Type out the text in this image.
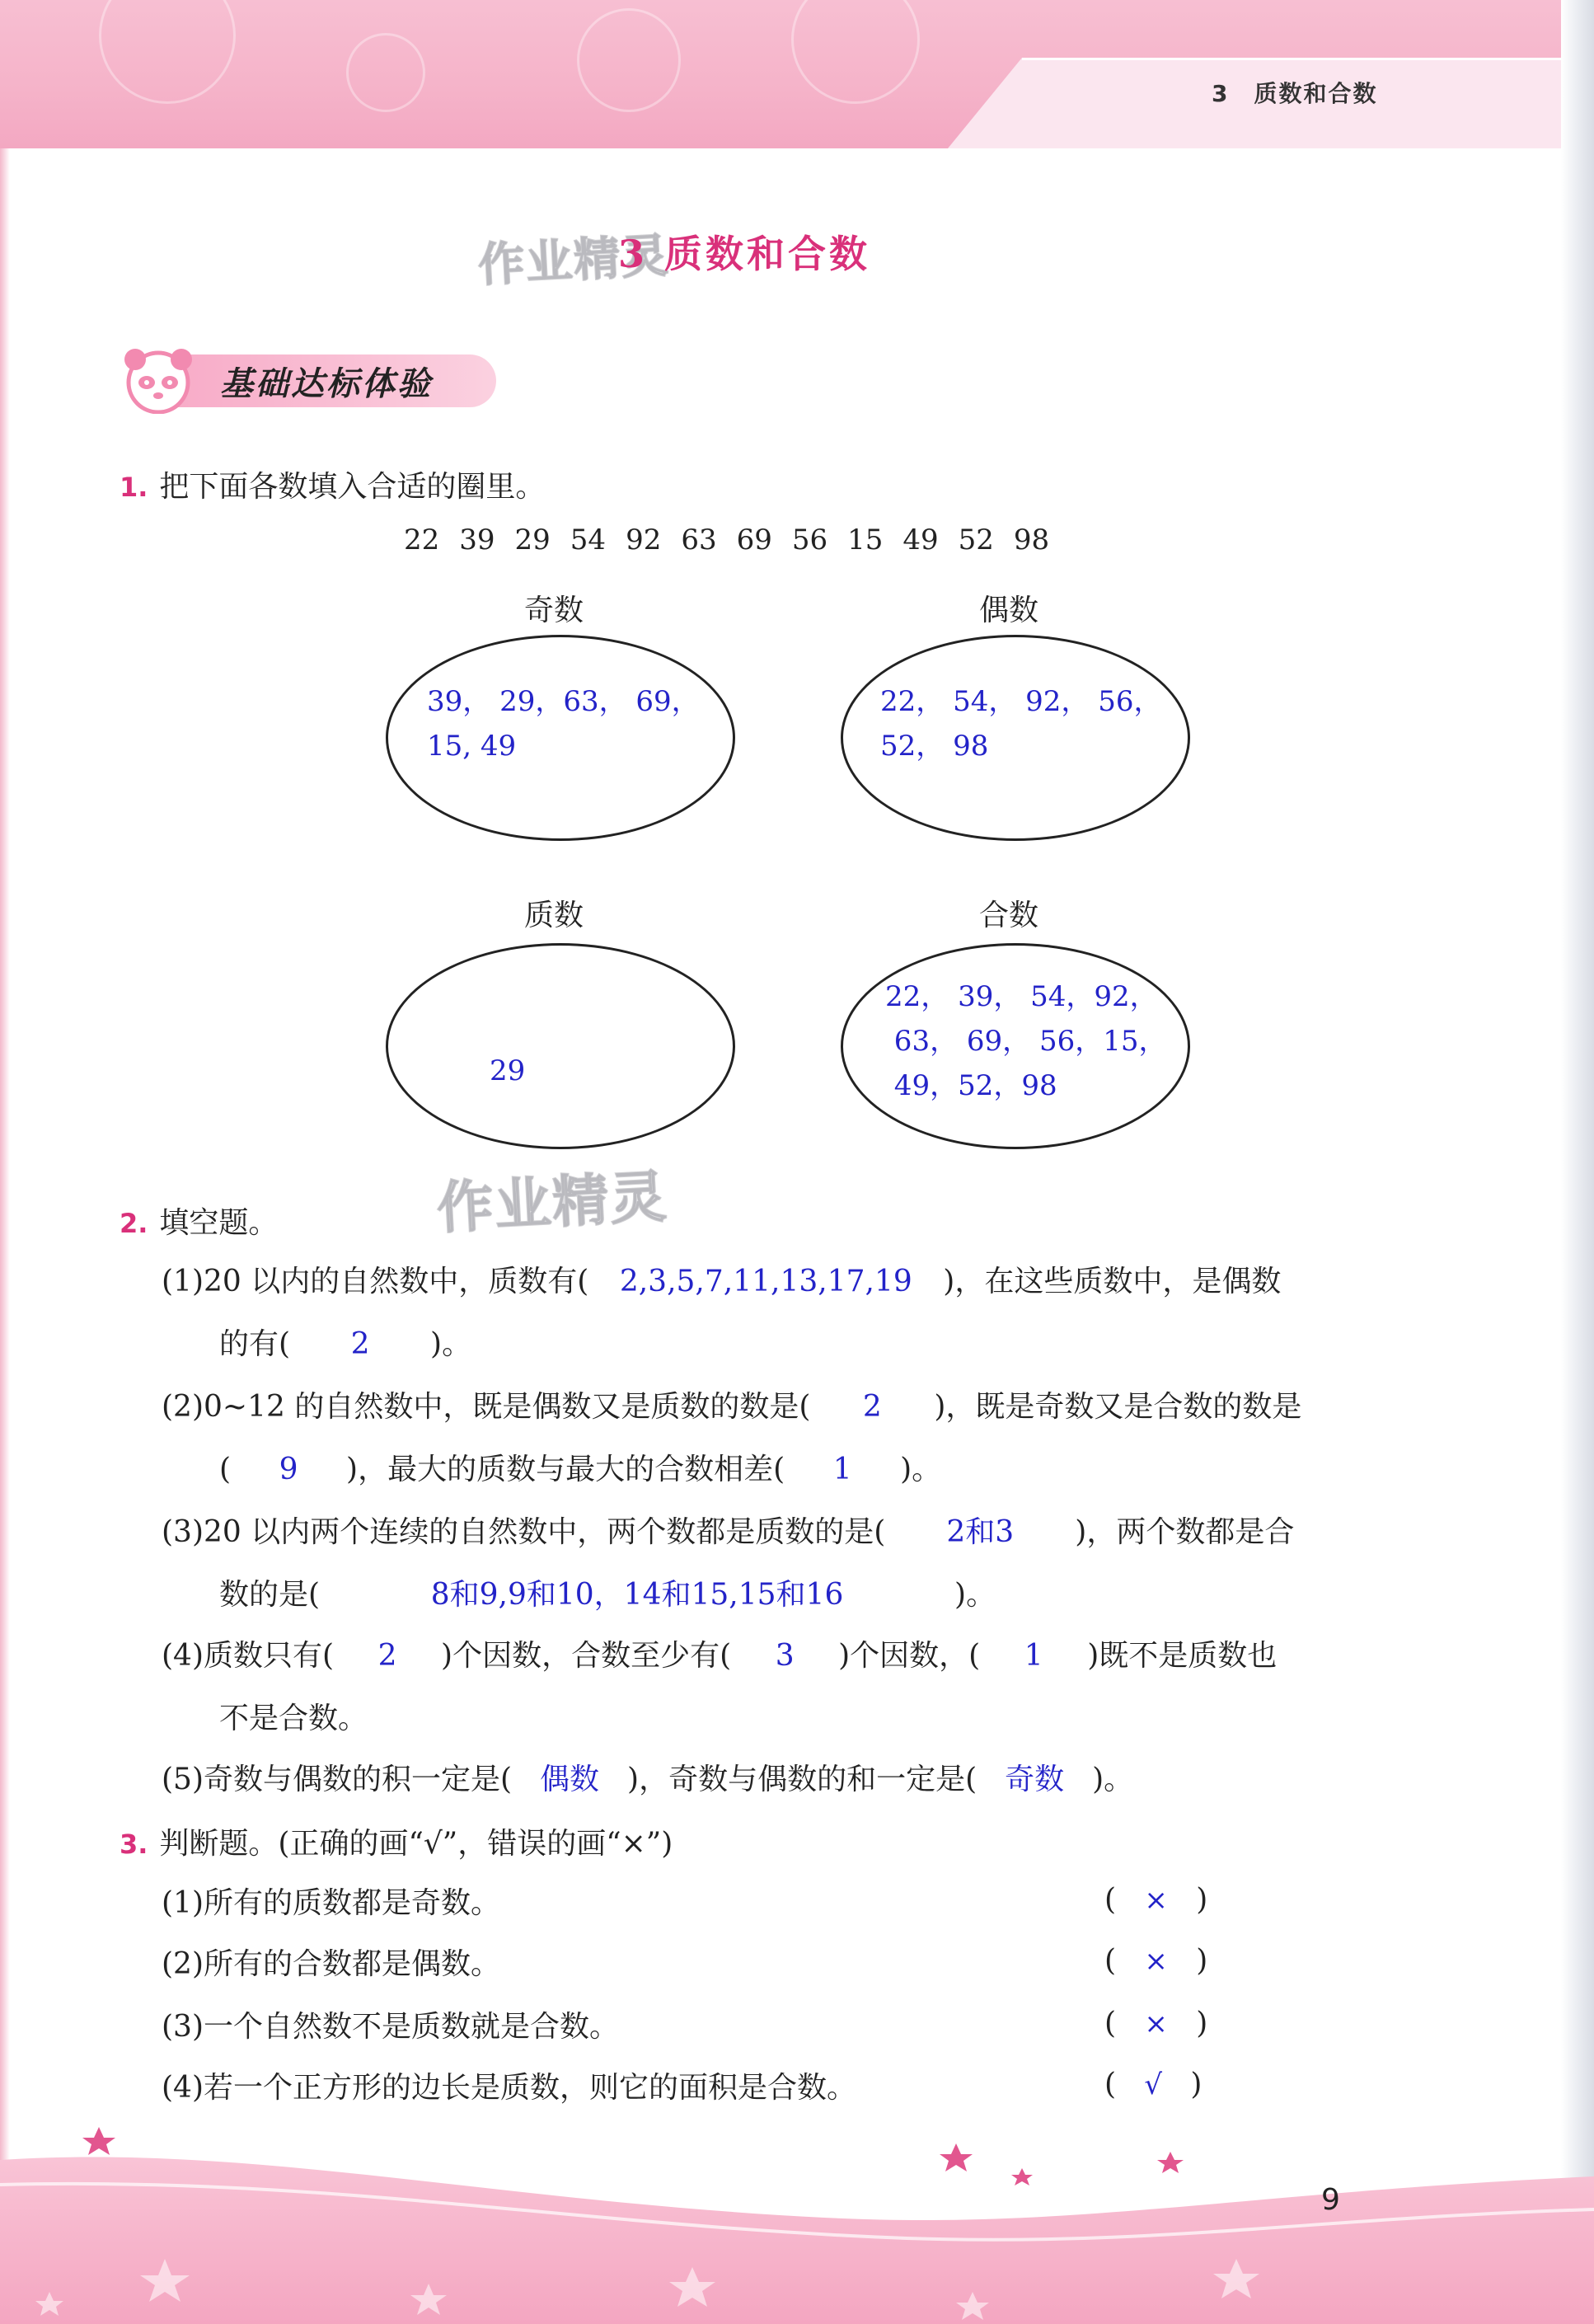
3 质数和合数
作业精灵
作业精灵
3 质数和合数
基础达标体验
1. 把下面各数填入合适的圈里。
22 39 29 54 92 63 69 56 15 49 52 98
奇数
39， 29，63， 69，
15, 49
偶数
22， 54， 92， 56，
52， 98
质数
29
合数
22， 39， 54，92，
63， 69， 56，15，
49，52，98
2. 填空题。
(1)20 以内的自然数中，质数有( 2,3,5,7,11,13,17,19 )，在这些质数中，是偶数
的有( 2 )。
(2)0~12 的自然数中，既是偶数又是质数的数是( 2 )，既是奇数又是合数的数是
( 9 )，最大的质数与最大的合数相差( 1 )。
(3)20 以内两个连续的自然数中，两个数都是质数的是( 2和3 )，两个数都是合
数的是(	8和9,9和10，14和15,15和16	)。
(4)质数只有( 2 )个因数，合数至少有( 3 )个因数，( 1 )既不是质数也
不是合数。
(5)奇数与偶数的积一定是( 偶数 )，奇数与偶数的和一定是( 奇数 )。
3. 判断题。(正确的画“√”，错误的画“×”)
(1)所有的质数都是奇数。	(   ×   )
(2)所有的合数都是偶数。	(   ×   )
(3)一个自然数不是质数就是合数。	(   ×   )
(4)若一个正方形的边长是质数，则它的面积是合数。	(   √   )
9
